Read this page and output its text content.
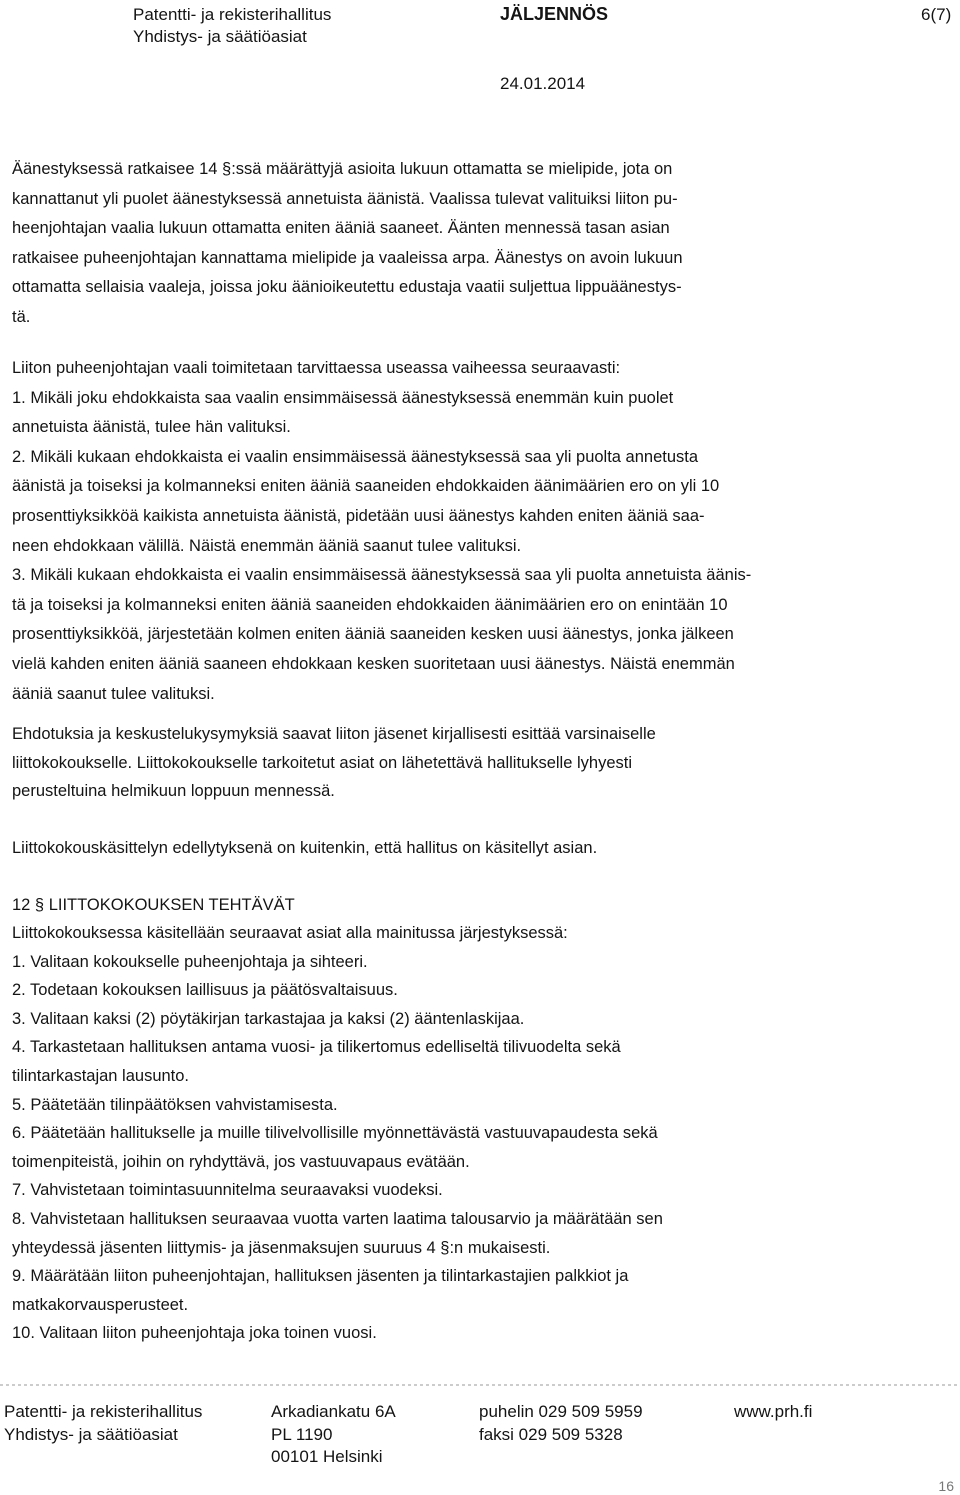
Patentti- ja rekisterihallitus
Yhdistys- ja säätiöasiat
JÄLJENNÖS
24.01.2014
6(7)
Äänestyksessä ratkaisee 14 §:ssä määrättyjä asioita lukuun ottamatta se mielipide, jota on
kannattanut yli puolet äänestyksessä annetuista äänistä. Vaalissa tulevat valituiksi liiton pu-
heenjohtajan vaalia lukuun ottamatta eniten ääniä saaneet. Äänten mennessä tasan asian
ratkaisee puheenjohtajan kannattama mielipide ja vaaleissa arpa. Äänestys on avoin lukuun
ottamatta sellaisia vaaleja, joissa joku äänioikeutettu edustaja vaatii suljettua lippuäänestys-
tä.
Liiton puheenjohtajan vaali toimitetaan tarvittaessa useassa vaiheessa seuraavasti:
1. Mikäli joku ehdokkaista saa vaalin ensimmäisessä äänestyksessä enemmän kuin puolet
annetuista äänistä, tulee hän valituksi.
2. Mikäli kukaan ehdokkaista ei vaalin ensimmäisessä äänestyksessä saa yli puolta annetusta
äänistä ja toiseksi ja kolmanneksi eniten ääniä saaneiden ehdokkaiden äänimäärien ero on yli 10
prosenttiyksikköä kaikista annetuista äänistä, pidetään uusi äänestys kahden eniten ääniä saa-
neen ehdokkaan välillä. Näistä enemmän ääniä saanut tulee valituksi.
3. Mikäli kukaan ehdokkaista ei vaalin ensimmäisessä äänestyksessä saa yli puolta annetuista äänis-
tä ja toiseksi ja kolmanneksi eniten ääniä saaneiden ehdokkaiden äänimäärien ero on enintään 10
prosenttiyksikköä, järjestetään kolmen eniten ääniä saaneiden kesken uusi äänestys, jonka jälkeen
vielä kahden eniten ääniä saaneen ehdokkaan kesken suoritetaan uusi äänestys. Näistä enemmän
ääniä saanut tulee valituksi.
Ehdotuksia ja keskustelukysymyksiä saavat liiton jäsenet kirjallisesti esittää varsinaiselle
liittokokoukselle. Liittokokoukselle tarkoitetut asiat on lähetettävä hallitukselle lyhyesti
perusteltuina helmikuun loppuun mennessä.
Liittokokouskäsittelyn edellytyksenä on kuitenkin, että hallitus on käsitellyt asian.
12 § LIITTOKOKOUKSEN TEHTÄVÄT
Liittokokouksessa käsitellään seuraavat asiat alla mainitussa järjestyksessä:
1. Valitaan kokoukselle puheenjohtaja ja sihteeri.
2. Todetaan kokouksen laillisuus ja päätösvaltaisuus.
3. Valitaan kaksi (2) pöytäkirjan tarkastajaa ja kaksi (2) ääntenlaskijaa.
4. Tarkastetaan hallituksen antama vuosi- ja tilikertomus edelliseltä tilivuodelta sekä
tilintarkastajan lausunto.
5. Päätetään tilinpäätöksen vahvistamisesta.
6. Päätetään hallitukselle ja muille tilivelvollisille myönnettävästä vastuuvapaudesta sekä
toimenpiteistä, joihin on ryhdyttävä, jos vastuuvapaus evätään.
7. Vahvistetaan toimintasuunnitelma seuraavaksi vuodeksi.
8. Vahvistetaan hallituksen seuraavaa vuotta varten laatima talousarvio ja määrätään sen
yhteydessä jäsenten liittymis- ja jäsenmaksujen suuruus 4 §:n mukaisesti.
9. Määrätään liiton puheenjohtajan, hallituksen jäsenten ja tilintarkastajien palkkiot ja
matkakorvausperusteet.
10. Valitaan liiton puheenjohtaja joka toinen vuosi.
Patentti- ja rekisterihallitus
Yhdistys- ja säätiöasiat
Arkadiankatu 6A
PL 1190
00101 Helsinki
puhelin 029 509 5959
faksi 029 509 5328
www.prh.fi
16
